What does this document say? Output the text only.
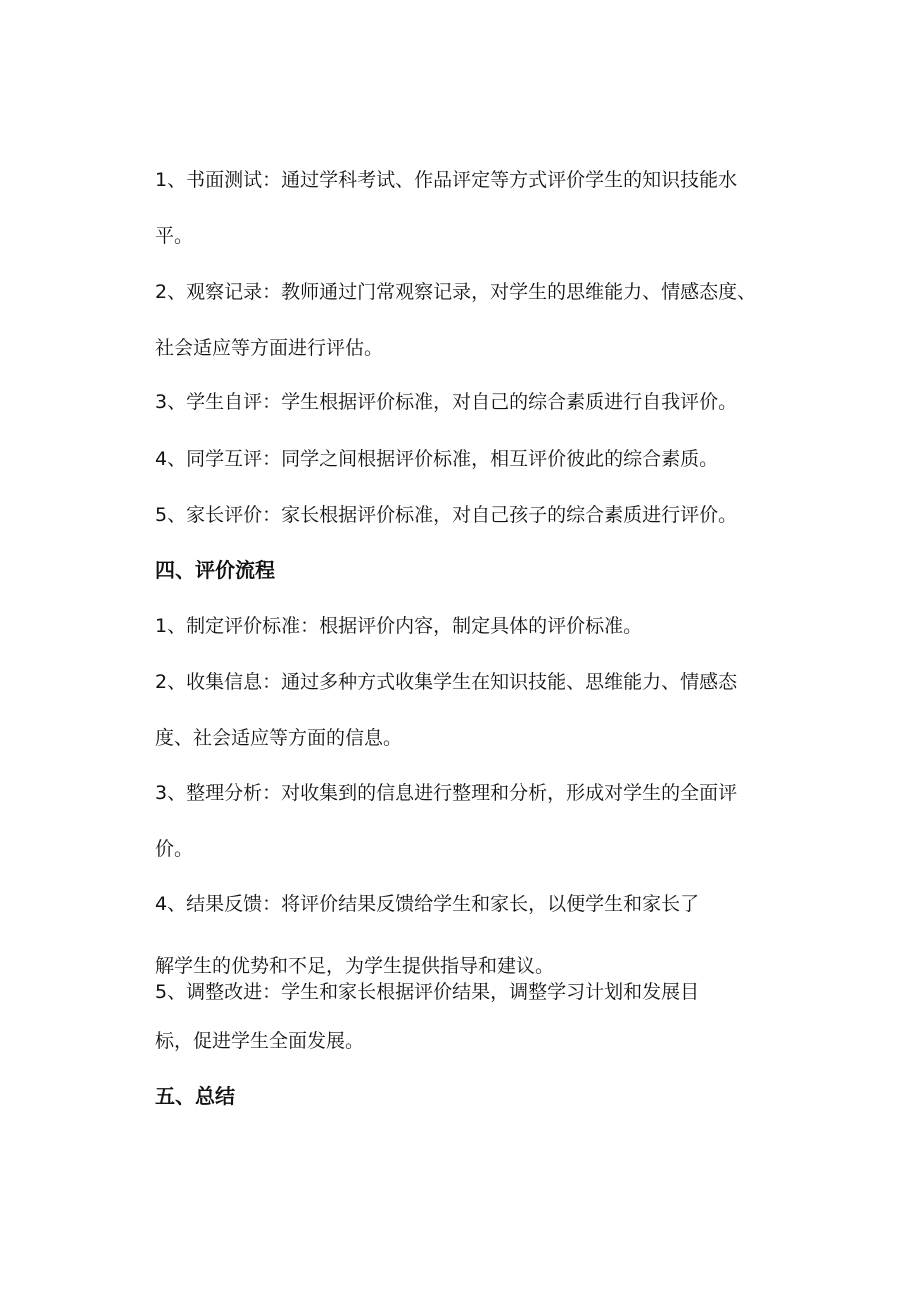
1、书面测试：通过学科考试、作品评定等方式评价学生的知识技能水

平。

2、观察记录：教师通过门常观察记录，对学生的思维能力、情感态度、

社会适应等方面进行评估。

3、学生自评：学生根据评价标准，对自己的综合素质进行自我评价。

4、同学互评：同学之间根据评价标准，相互评价彼此的综合素质。

5、家长评价：家长根据评价标准，对自己孩子的综合素质进行评价。

四、评价流程

1、制定评价标准：根据评价内容，制定具体的评价标准。

2、收集信息：通过多种方式收集学生在知识技能、思维能力、情感态

度、社会适应等方面的信息。

3、整理分析：对收集到的信息进行整理和分析，形成对学生的全面评

价。

4、结果反馈：将评价结果反馈给学生和家长，以便学生和家长了

解学生的优势和不足，为学生提供指导和建议。

5、调整改进：学生和家长根据评价结果，调整学习计划和发展目

标，促进学生全面发展。

五、总结
